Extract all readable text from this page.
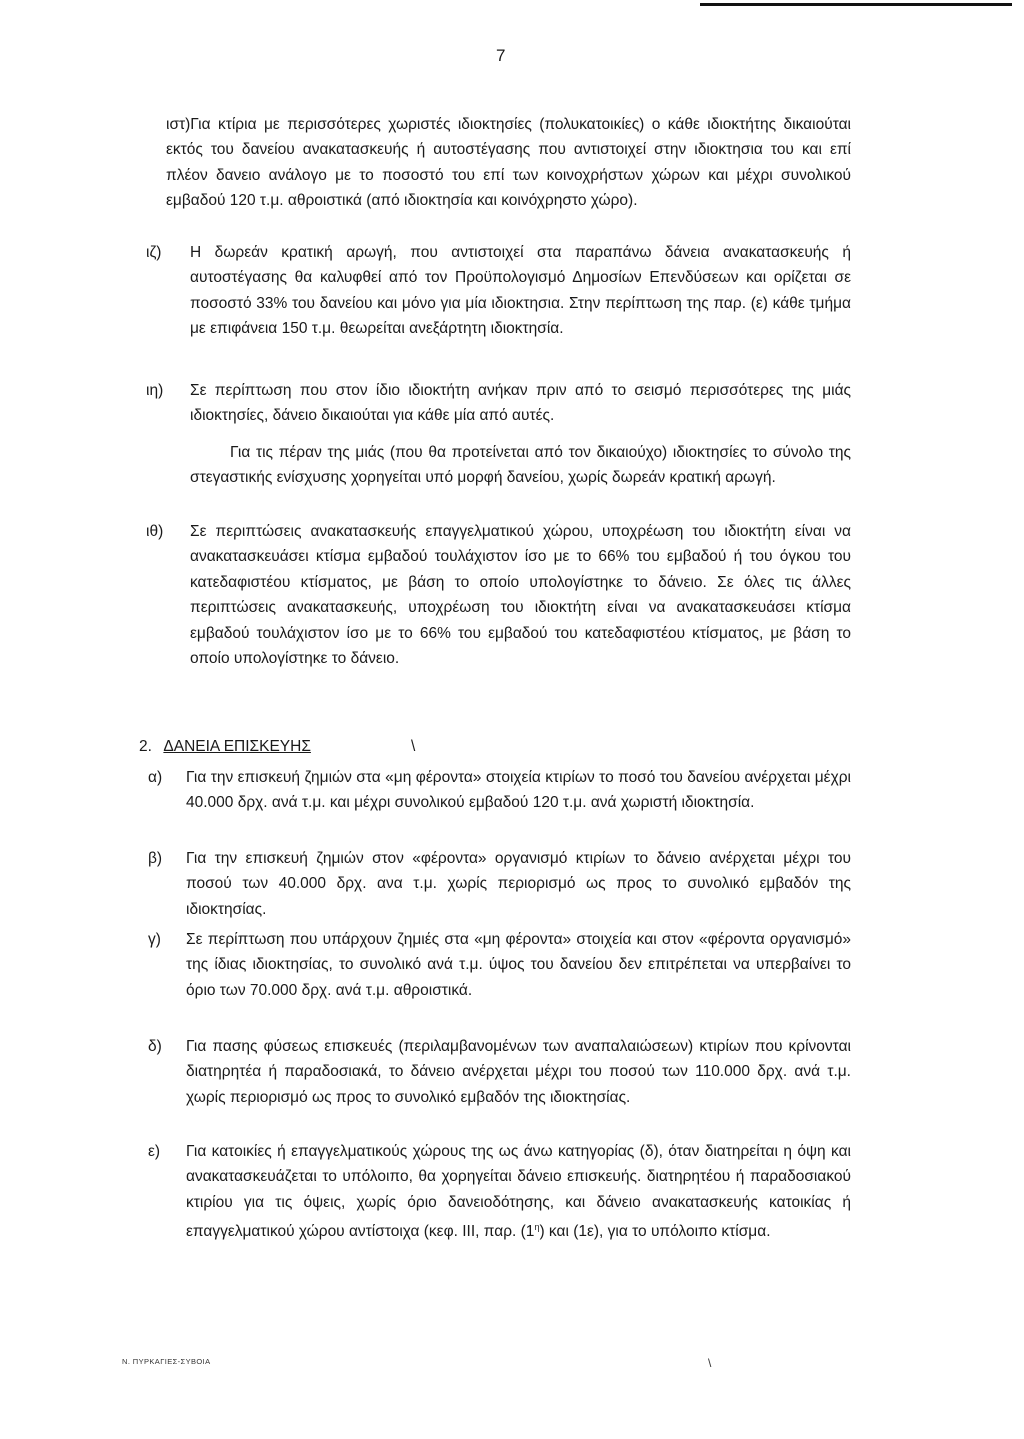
7

ιστ)Για κτίρια με περισσότερες χωριστές ιδιοκτησίες (πολυκατοικίες) ο κάθε ιδιοκτήτης δικαιούται εκτός του δανείου ανακατασκευής ή αυτοστέγασης που αντιστοιχεί στην ιδιοκτησια του και επί πλέον δανειο ανάλογο με το ποσοστό του επί των κοινοχρήστων χώρων και μέχρι συνολικού εμβαδού 120 τ.μ. αθροιστικά (από ιδιοκτησία και κοινόχρηστο χώρο).

ιζ) Η δωρεάν κρατική αρωγή, που αντιστοιχεί στα παραπάνω δάνεια ανακατασκευής ή αυτοστέγασης θα καλυφθεί από τον Προϋπολογισμό Δημοσίων Επενδύσεων και ορίζεται σε ποσοστό 33% του δανείου και μόνο για μία ιδιοκτησια. Στην περίπτωση της παρ. (ε) κάθε τμήμα με επιφάνεια 150 τ.μ. θεωρείται ανεξάρτητη ιδιοκτησία.
ιη) Σε περίπτωση που στον ίδιο ιδιοκτήτη ανήκαν πριν από το σεισμό περισσότερες της μιάς ιδιοκτησίες, δάνειο δικαιούται για κάθε μία από αυτές.

Για τις πέραν της μιάς (που θα προτείνεται από τον δικαιούχο) ιδιοκτησίες το σύνολο της στεγαστικής ενίσχυσης χορηγείται υπό μορφή δανείου, χωρίς δωρεάν κρατική αρωγή.

ιθ) Σε περιπτώσεις ανακατασκευής επαγγελματικού χώρου, υποχρέωση του ιδιοκτήτη είναι να ανακατασκευάσει κτίσμα εμβαδού τουλάχιστον ίσο με το 66% του εμβαδού ή του όγκου του κατεδαφιστέου κτίσματος, με βάση το οποίο υπολογίστηκε το δάνειο. Σε όλες τις άλλες περιπτώσεις ανακατασκευής, υποχρέωση του ιδιοκτήτη είναι να ανακατασκευάσει κτίσμα εμβαδού τουλάχιστον ίσο με το 66% του εμβαδού του κατεδαφιστέου κτίσματος, με βάση το οποίο υπολογίστηκε το δάνειο.
2. ΔΑΝΕΙΑ ΕΠΙΣΚΕΥΗΣ	\
α) Για την επισκευή ζημιών στα «μη φέροντα» στοιχεία κτιρίων το ποσό του δανείου ανέρχεται μέχρι 40.000 δρχ. ανά τ.μ. και μέχρι συνολικού εμβαδού 120 τ.μ. ανά χωριστή ιδιοκτησία.
β) Για την επισκευή ζημιών στον «φέροντα» οργανισμό κτιρίων το δάνειο ανέρχεται μέχρι του ποσού των 40.000 δρχ. ανα τ.μ. χωρίς περιορισμό ως προς το συνολικό εμβαδόν της ιδιοκτησίας.
γ) Σε περίπτωση που υπάρχουν ζημιές στα «μη φέροντα» στοιχεία και στον «φέροντα οργανισμό» της ίδιας ιδιοκτησίας, το συνολικό ανά τ.μ. ύψος του δανείου δεν επιτρέπεται να υπερβαίνει το όριο των 70.000 δρχ. ανά τ.μ. αθροιστικά.
δ) Για πασης φύσεως επισκευές (περιλαμβανομένων των αναπαλαιώσεων) κτιρίων που κρίνονται διατηρητέα ή παραδοσιακά, το δάνειο ανέρχεται μέχρι του ποσού των 110.000 δρχ. ανά τ.μ. χωρίς περιορισμό ως προς το συνολικό εμβαδόν της ιδιοκτησίας.
ε) Για κατοικίες ή επαγγελματικούς χώρους της ως άνω κατηγορίας (δ), όταν διατηρείται η όψη και ανακατασκευάζεται το υπόλοιπο, θα χορηγείται δάνειο επισκευής. διατηρητέου ή παραδοσιακού κτιρίου για τις όψεις, χωρίς όριο δανειοδότησης, και δάνειο ανακατασκευής κατοικίας ή επαγγελματικού χώρου αντίστοιχα (κεφ. ΙΙΙ, παρ. $(1^\eta)$ και (1ε), για το υπόλοιπο κτίσμα.
Ν. ΠΥΡΚΑΓΙΕΣ-ΣΥΒΟΙΑ	\
